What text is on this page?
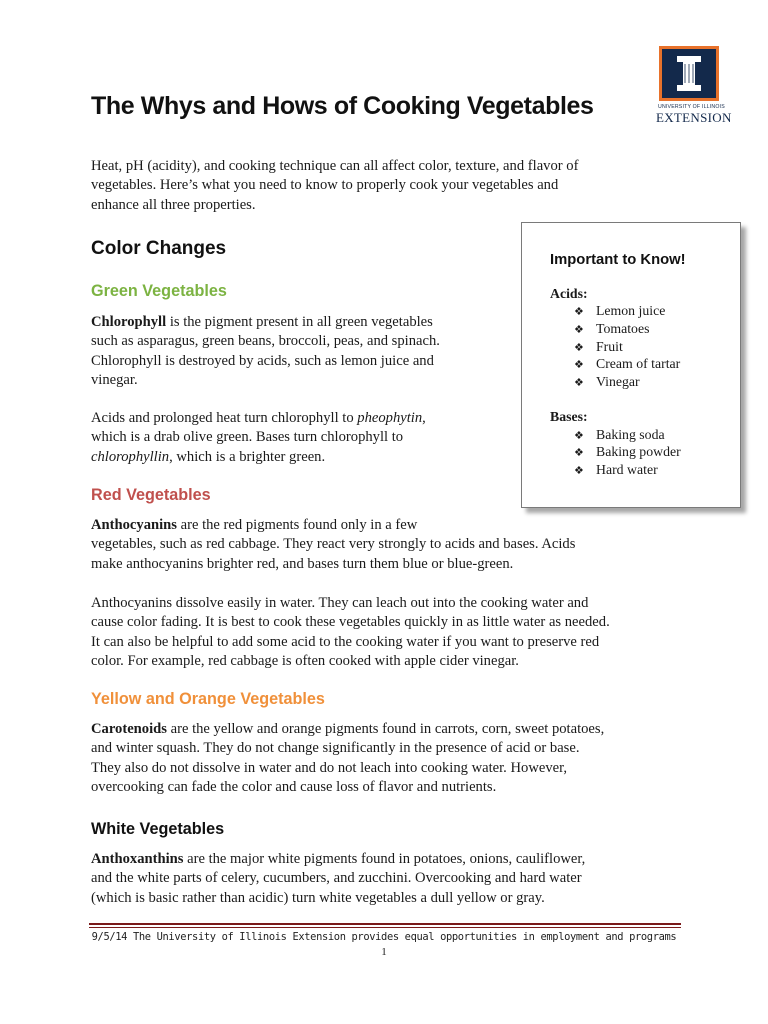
The Whys and Hows of Cooking Vegetables	UNIVERSITY OF ILLINOIS
EXTENSION
Heat, pH (acidity), and cooking technique can all affect color, texture, and flavor of
vegetables. Here’s what you need to know to properly cook your vegetables and
enhance all three properties.
Color Changes
Green Vegetables
Chlorophyll is the pigment present in all green vegetables
such as asparagus, green beans, broccoli, peas, and spinach.
Chlorophyll is destroyed by acids, such as lemon juice and
vinegar.
Acids and prolonged heat turn chlorophyll to pheophytin,
which is a drab olive green. Bases turn chlorophyll to
chlorophyllin, which is a brighter green.
Red Vegetables
Anthocyanins are the red pigments found only in a few
vegetables, such as red cabbage. They react very strongly to acids and bases. Acids
make anthocyanins brighter red, and bases turn them blue or blue-green.
Anthocyanins dissolve easily in water. They can leach out into the cooking water and
cause color fading. It is best to cook these vegetables quickly in as little water as needed.
It can also be helpful to add some acid to the cooking water if you want to preserve red
color. For example, red cabbage is often cooked with apple cider vinegar.
Yellow and Orange Vegetables
Carotenoids are the yellow and orange pigments found in carrots, corn, sweet potatoes,
and winter squash. They do not change significantly in the presence of acid or base.
They also do not dissolve in water and do not leach into cooking water. However,
overcooking can fade the color and cause loss of flavor and nutrients.
White Vegetables
Anthoxanthins are the major white pigments found in potatoes, onions, cauliflower,
and the white parts of celery, cucumbers, and zucchini. Overcooking and hard water
(which is basic rather than acidic) turn white vegetables a dull yellow or gray.
Important to Know!
Acids:
❖ Lemon juice
❖ Tomatoes
❖ Fruit
❖ Cream of tartar
❖ Vinegar
Bases:
❖ Baking soda
❖ Baking powder
❖ Hard water
9/5/14 The University of Illinois Extension provides equal opportunities in employment and programs
1
